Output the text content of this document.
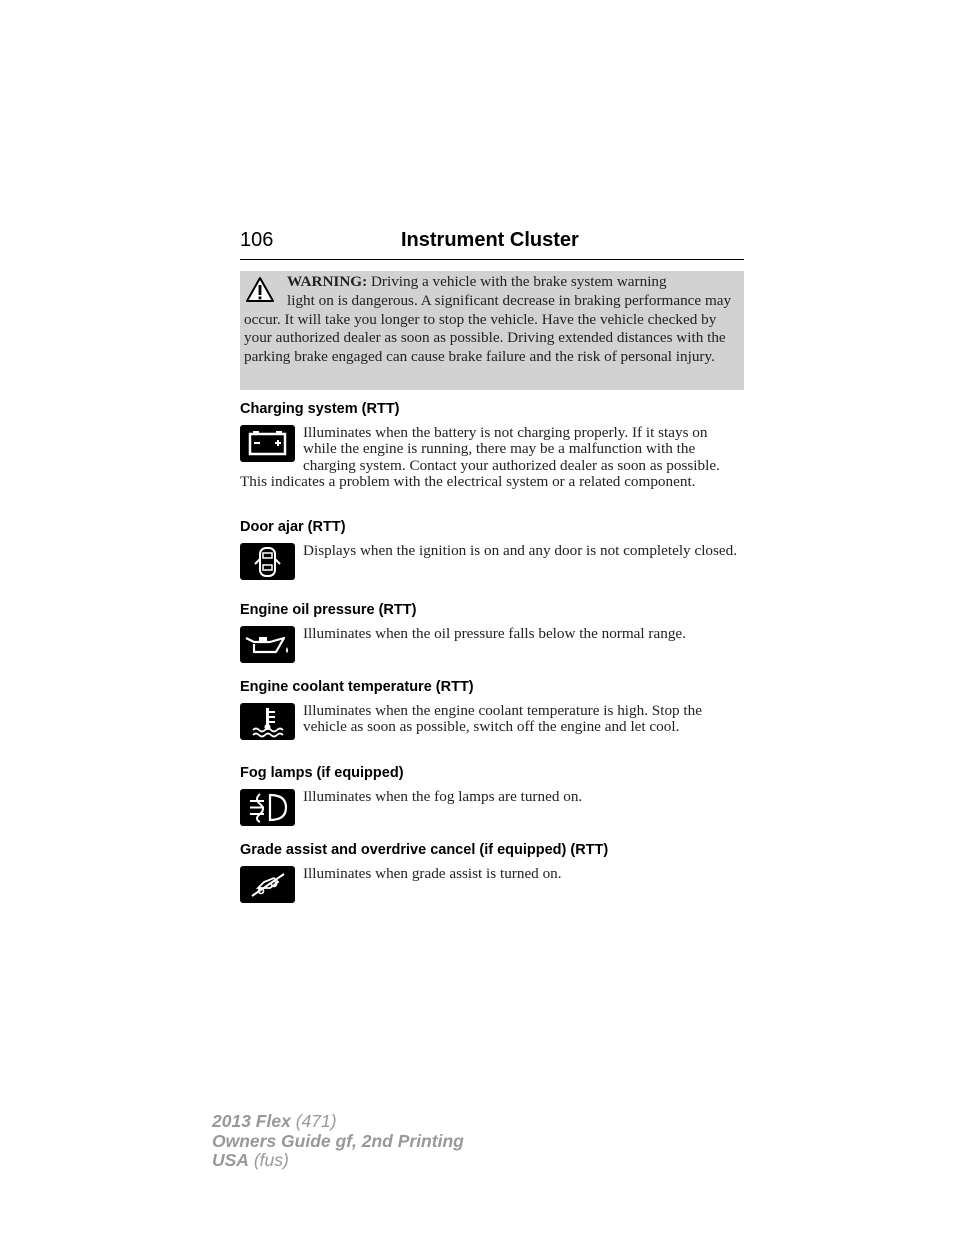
106	Instrument Cluster

WARNING: Driving a vehicle with the brake system warning
light on is dangerous. A significant decrease in braking performance may occur. It will take you longer to stop the vehicle. Have the vehicle checked by your authorized dealer as soon as possible. Driving extended distances with the parking brake engaged can cause brake failure and the risk of personal injury.

Charging system (RTT)

Illuminates when the battery is not charging properly. If it stays on while the engine is running, there may be a malfunction with the charging system. Contact your authorized dealer as soon as possible. This indicates a problem with the electrical system or a related component.

Door ajar (RTT)

Displays when the ignition is on and any door is not completely closed.

Engine oil pressure (RTT)

Illuminates when the oil pressure falls below the normal range.

Engine coolant temperature (RTT)

Illuminates when the engine coolant temperature is high. Stop the vehicle as soon as possible, switch off the engine and let cool.

Fog lamps (if equipped)

Illuminates when the fog lamps are turned on.

Grade assist and overdrive cancel (if equipped) (RTT)

Illuminates when grade assist is turned on.

2013 Flex (471)
Owners Guide gf, 2nd Printing
USA (fus)
